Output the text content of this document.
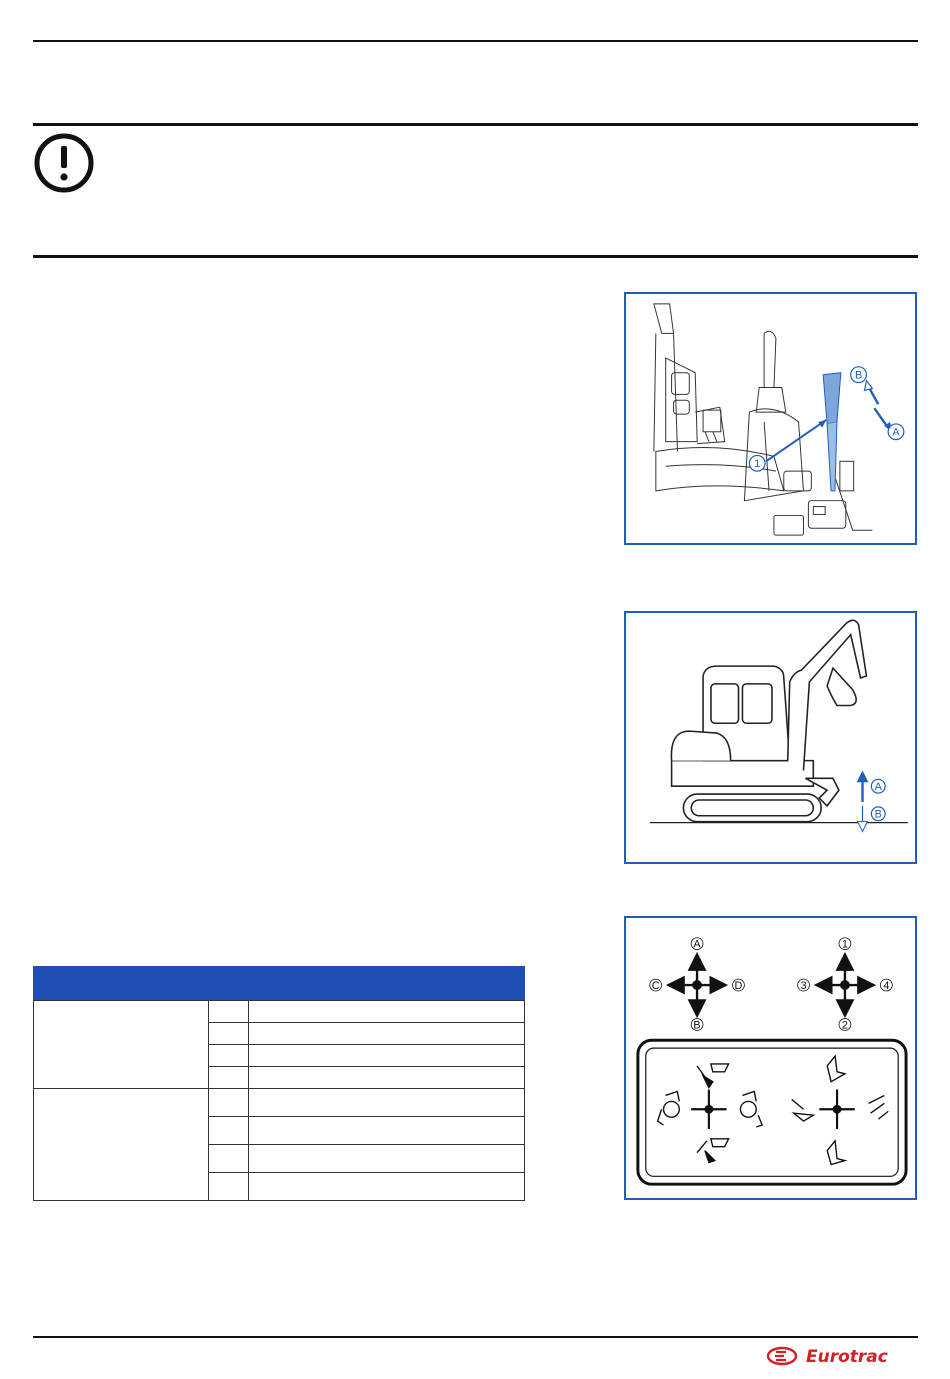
1
B
A
A
B
A
B
C	D
1
2
3	4

Eurotrac
